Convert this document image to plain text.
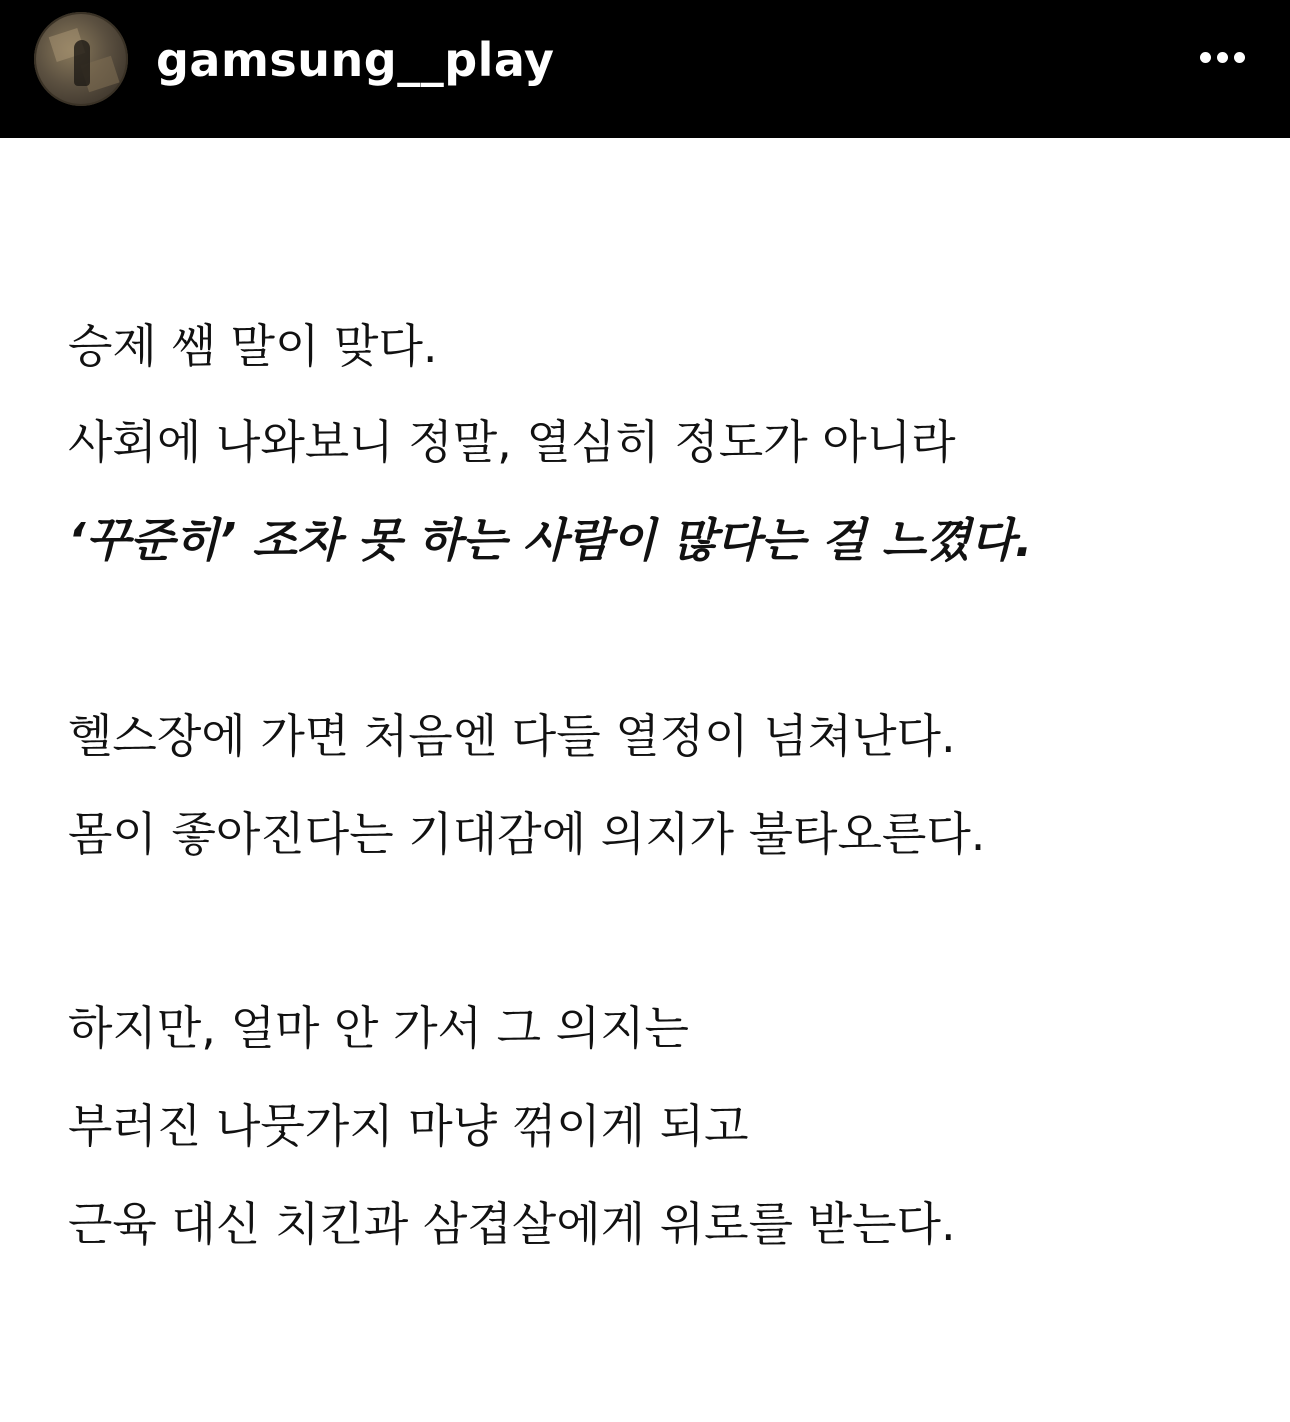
gamsung__play

승제 쌤 말이 맞다.

사회에 나와보니 정말, 열심히 정도가 아니라

‘꾸준히’ 조차 못 하는 사람이 많다는 걸 느꼈다.

헬스장에 가면 처음엔 다들 열정이 넘쳐난다.

몸이 좋아진다는 기대감에 의지가 불타오른다.

하지만, 얼마 안 가서 그 의지는

부러진 나뭇가지 마냥 꺾이게 되고

근육 대신 치킨과 삼겹살에게 위로를 받는다.
